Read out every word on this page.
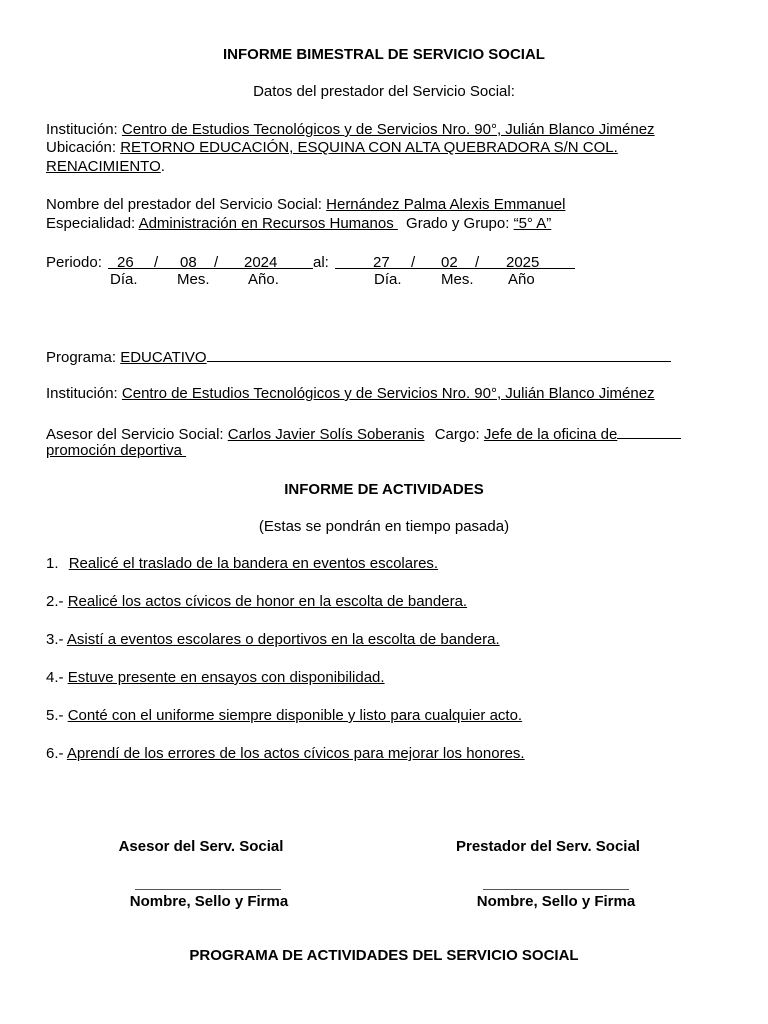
INFORME BIMESTRAL DE SERVICIO SOCIAL
Datos del prestador del Servicio Social:
Institución: Centro de Estudios Tecnológicos y de Servicios Nro. 90°, Julián Blanco Jiménez
Ubicación: RETORNO EDUCACIÓN, ESQUINA CON ALTA QUEBRADORA S/N COL.
RENACIMIENTO.
Nombre del prestador del Servicio Social: Hernández Palma Alexis Emmanuel
Especialidad: Administración en Recursos Humanos  Grado y Grupo: “5° A”
Periodo: 26 / 08 / 2024 al:	27 / 02 / 2025
Día.	Mes.	Año.	Día.	Mes. Año
Programa: EDUCATIVO
Institución: Centro de Estudios Tecnológicos y de Servicios Nro. 90°, Julián Blanco Jiménez
Asesor del Servicio Social: Carlos Javier Solís Soberanis Cargo: Jefe de la oficina de
promoción deportiva
INFORME DE ACTIVIDADES
(Estas se pondrán en tiempo pasada)
1. Realicé el traslado de la bandera en eventos escolares.
2.- Realicé los actos cívicos de honor en la escolta de bandera.
3.- Asistí a eventos escolares o deportivos en la escolta de bandera.
4.- Estuve presente en ensayos con disponibilidad.
5.- Conté con el uniforme siempre disponible y listo para cualquier acto.
6.- Aprendí de los errores de los actos cívicos para mejorar los honores.
Asesor del Serv. Social	Prestador del Serv. Social
Nombre, Sello y Firma	Nombre, Sello y Firma
PROGRAMA DE ACTIVIDADES DEL SERVICIO SOCIAL
